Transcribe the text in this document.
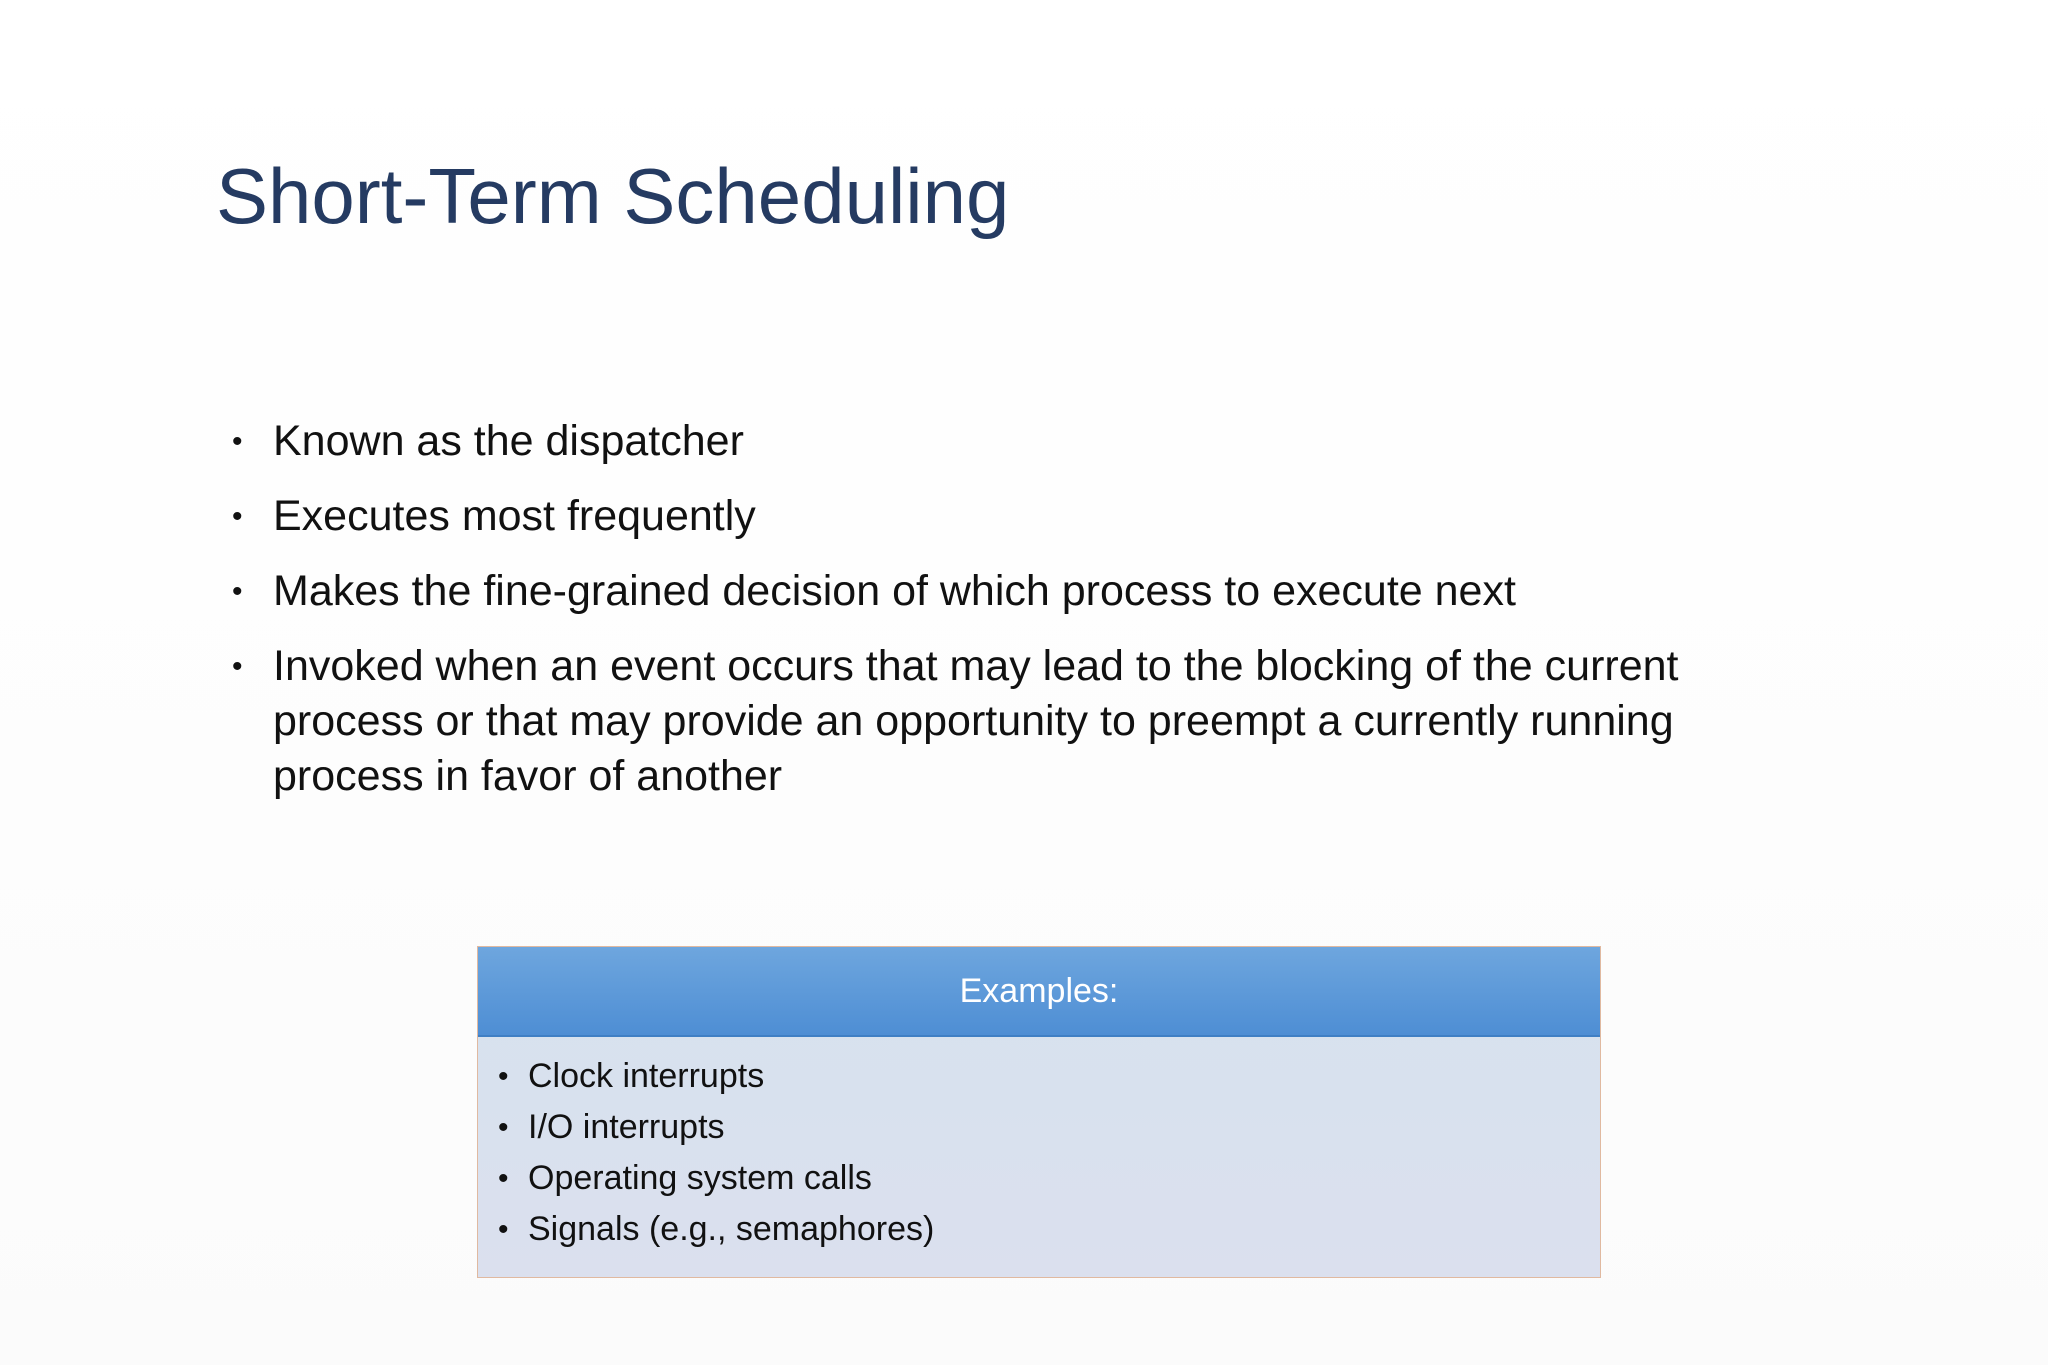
Short-Term Scheduling
• Known as the dispatcher
• Executes most frequently
• Makes the fine-grained decision of which process to execute next
• Invoked when an event occurs that may lead to the blocking of the current process or that may provide an opportunity to preempt a currently running process in favor of another
Examples:
• Clock interrupts
• I/O interrupts
• Operating system calls
• Signals (e.g., semaphores)
